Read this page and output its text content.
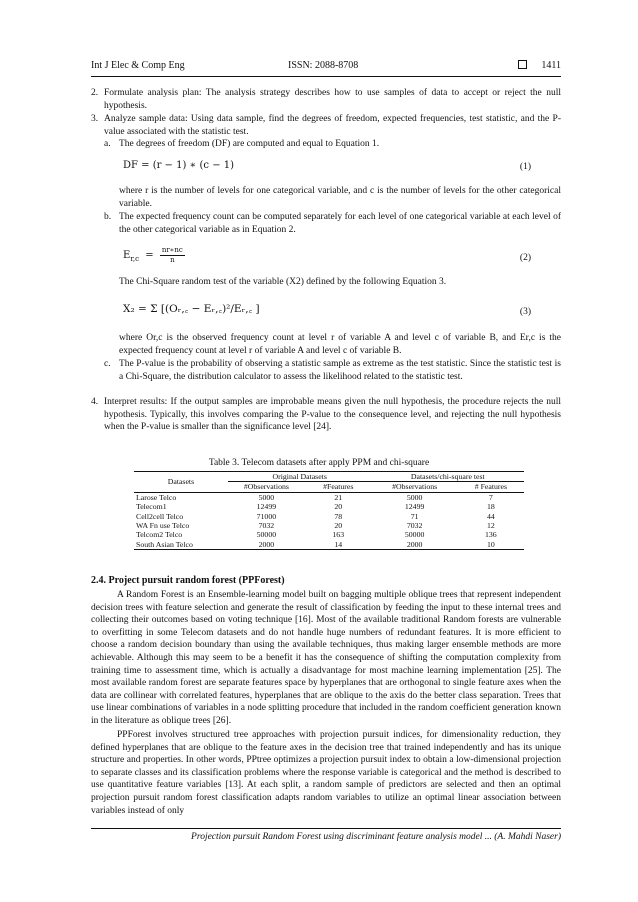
Int J Elec & Comp Eng	ISSN: 2088-8708	1411
2. Formulate analysis plan: The analysis strategy describes how to use samples of data to accept or reject the null hypothesis.
3. Analyze sample data: Using data sample, find the degrees of freedom, expected frequencies, test statistic, and the P-value associated with the statistic test.
a. The degrees of freedom (DF) are computed and equal to Equation 1.
DF = (r − 1) ∗ (c − 1)	(1)
where r is the number of levels for one categorical variable, and c is the number of levels for the other categorical variable.
b. The expected frequency count can be computed separately for each level of one categorical variable at each level of the other categorical variable as in Equation 2.
$E_{r,c} = \frac{nr∗nc}{n}$	(2)
The Chi-Square random test of the variable (X2) defined by the following Equation 3.
X₂ = Σ [(Oᵣ,꜀ − Eᵣ,꜀)²/Eᵣ,꜀ ]	(3)
where Or,c is the observed frequency count at level r of variable A and level c of variable B, and Er,c is the expected frequency count at level r of variable A and level c of variable B.
c. The P-value is the probability of observing a statistic sample as extreme as the test statistic. Since the statistic test is a Chi-Square, the distribution calculator to assess the likelihood related to the statistic test.
4. Interpret results: If the output samples are improbable means given the null hypothesis, the procedure rejects the null hypothesis. Typically, this involves comparing the P-value to the consequence level, and rejecting the null hypothesis when the P-value is smaller than the significance level [24].
Table 3. Telecom datasets after apply PPM and chi-square
Datasets	Original Datasets		Datasets/chi-square test	
	#Observations	#Features	#Observations	# Features
Larose Telco	5000	21	5000	7
Telecom1	12499	20	12499	18
Cell2cell Telco	71000	78	71	44
WA Fn use Telco	7032	20	7032	12
Telcom2 Telco	50000	163	50000	136
South Asian Telco	2000	14	2000	10
2.4. Project pursuit random forest (PPForest)
A Random Forest is an Ensemble-learning model built on bagging multiple oblique trees that represent independent decision trees with feature selection and generate the result of classification by feeding the input to these internal trees and collecting their outcomes based on voting technique [16]. Most of the available traditional Random forests are vulnerable to overfitting in some Telecom datasets and do not handle huge numbers of redundant features. It is more efficient to choose a random decision boundary than using the available techniques, thus making larger ensemble methods are more achievable. Although this may seem to be a benefit it has the consequence of shifting the computation complexity from training time to assessment time, which is actually a disadvantage for most machine learning implementation [25]. The most available random forest are separate features space by hyperplanes that are orthogonal to single feature axes when the data are collinear with correlated features, hyperplanes that are oblique to the axis do the better class separation. Trees that use linear combinations of variables in a node splitting procedure that included in the random coefficient generation known in the literature as oblique trees [26].
PPForest involves structured tree approaches with projection pursuit indices, for dimensionality reduction, they defined hyperplanes that are oblique to the feature axes in the decision tree that trained independently and has its unique structure and properties. In other words, PPtree optimizes a projection pursuit index to obtain a low-dimensional projection to separate classes and its classification problems where the response variable is categorical and the method is described to use quantitative feature variables [13]. At each split, a random sample of predictors are selected and then an optimal projection pursuit random forest classification adapts random variables to utilize an optimal linear association between variables instead of only
Projection pursuit Random Forest using discriminant feature analysis model ... (A. Mahdi Naser)
